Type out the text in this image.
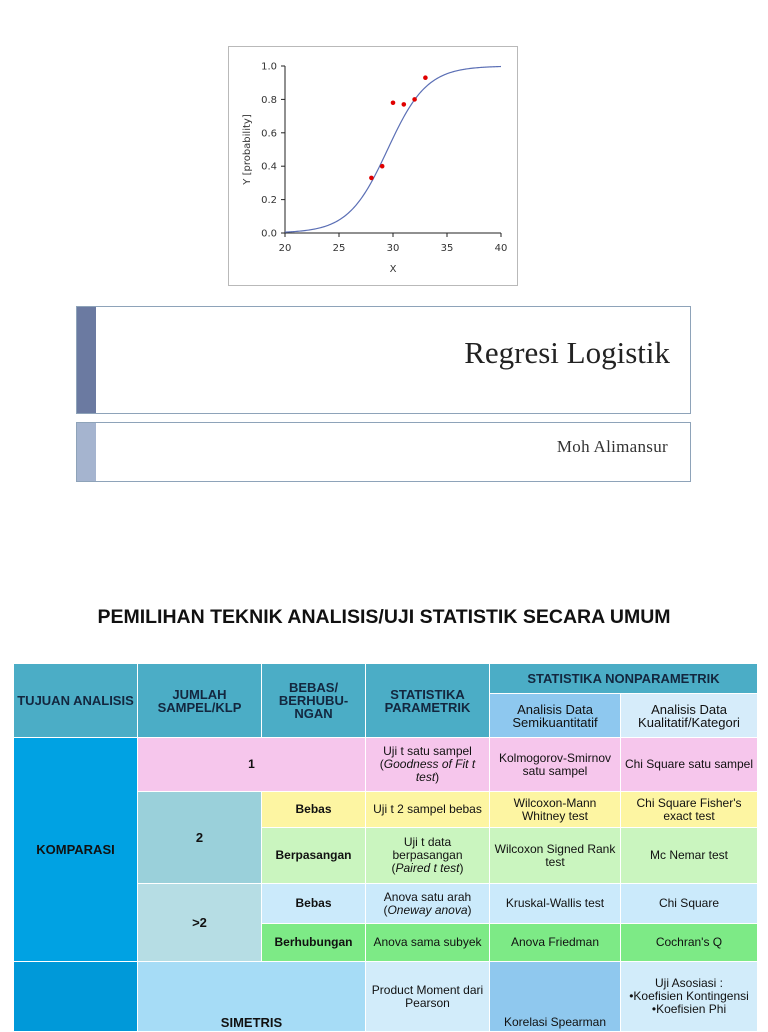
20	25	30	35	40
0.0
0.2
0.4
0.6
0.8
1.0
X
Y [probability]
Regresi Logistik
Moh Alimansur
PEMILIHAN TEKNIK ANALISIS/UJI STATISTIK SECARA UMUM
TUJUAN ANALISIS	JUMLAH SAMPEL/KLP	BEBAS/ BERHUBU-NGAN	STATISTIKA PARAMETRIK	STATISTIKA NONPARAMETRIK	
				Analisis Data Semikuantitatif	Analisis Data Kualitatif/Kategori
KOMPARASI	1		Uji t satu sampel
(Goodness of Fit t test)	Kolmogorov-Smirnov satu sampel	Chi Square satu sampel
	2	Bebas	Uji t 2 sampel bebas	Wilcoxon-Mann Whitney test	Chi Square Fisher's exact test
		Berpasangan	Uji t data berpasangan
(Paired t test)	Wilcoxon Signed Rank test	Mc Nemar test
	>2	Bebas	Anova satu arah
(Oneway anova)	Kruskal-Wallis test	Chi Square
		Berhubungan	Anova sama subyek	Anova Friedman	Cochran's Q
	SIMETRIS		Product Moment dari Pearson	Korelasi Spearman	Uji Asosiasi :
•Koefisien Kontingensi
•Koefisien Phi
